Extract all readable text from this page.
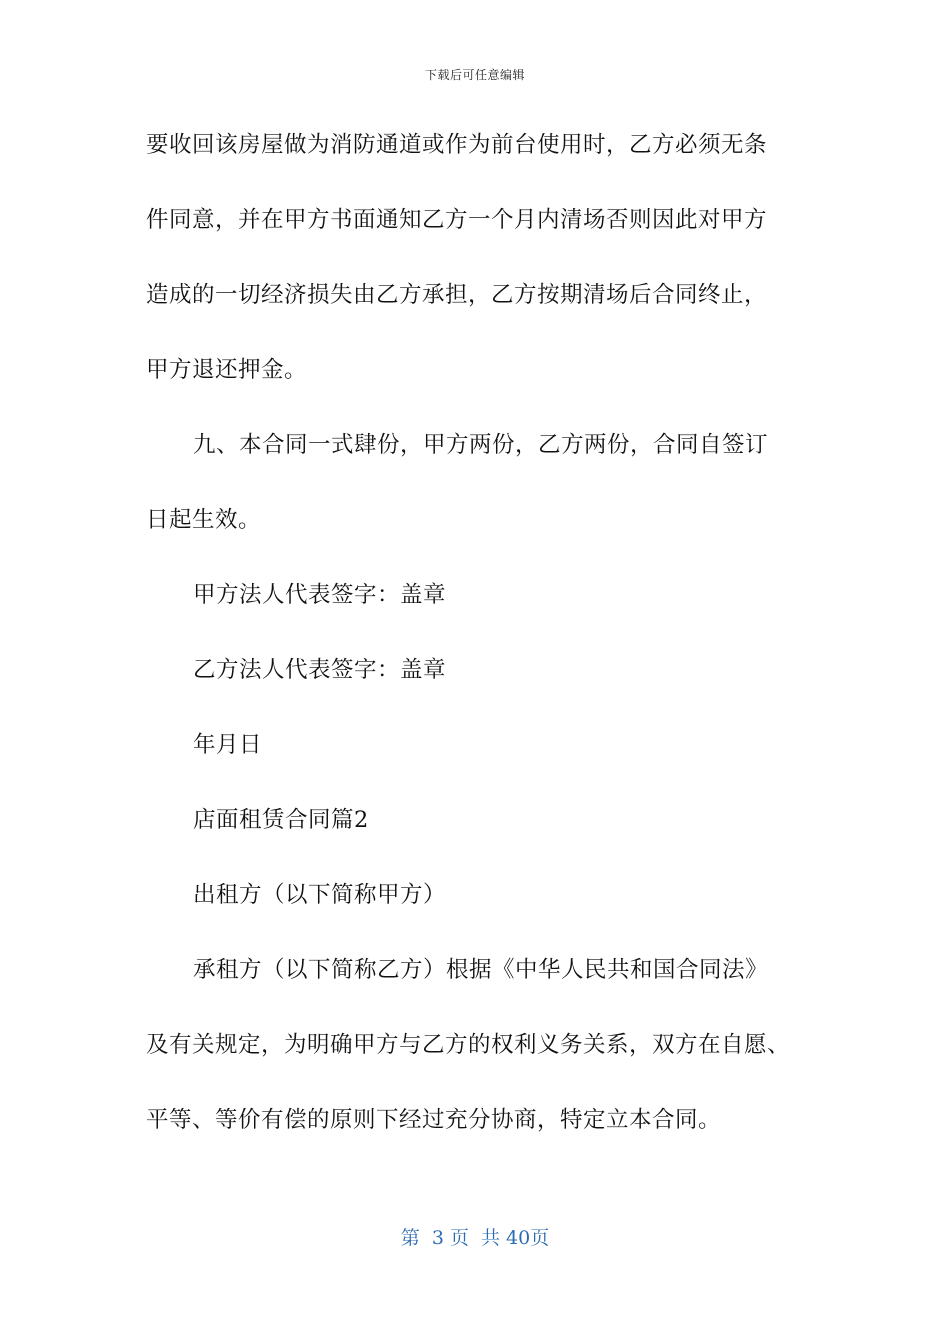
下载后可任意编辑
要收回该房屋做为消防通道或作为前台使用时，乙方必须无条
件同意，并在甲方书面通知乙方一个月内清场否则因此对甲方
造成的一切经济损失由乙方承担，乙方按期清场后合同终止，
甲方退还押金。
九、本合同一式肆份，甲方两份，乙方两份，合同自签订
日起生效。
甲方法人代表签字：盖章
乙方法人代表签字：盖章
年月日
店面租赁合同篇2
出租方（以下简称甲方）
承租方（以下简称乙方）根据《中华人民共和国合同法》
及有关规定，为明确甲方与乙方的权利义务关系，双方在自愿、
平等、等价有偿的原则下经过充分协商，特定立本合同。
第  3 页  共 40页
